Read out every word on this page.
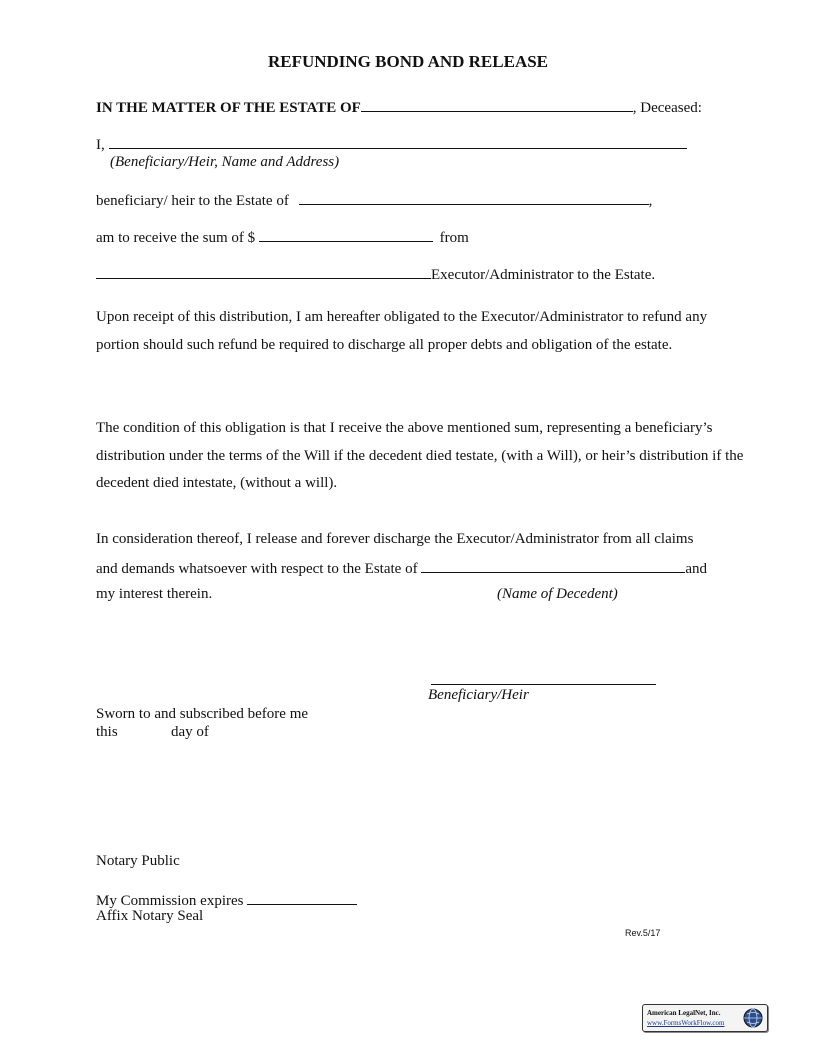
REFUNDING BOND AND RELEASE
IN THE MATTER OF THE ESTATE OF	, Deceased:
I,
(Beneficiary/Heir, Name and Address)
beneficiary/ heir to the Estate of	,
am to receive the sum of $	from
Executor/Administrator to the Estate.
Upon receipt of this distribution, I am hereafter obligated to the Executor/Administrator to refund any portion should such refund be required to discharge all proper debts and obligation of the estate.
The condition of this obligation is that I receive the above mentioned sum, representing a beneficiary’s distribution under the terms of the Will if the decedent died testate, (with a Will), or heir’s distribution if the decedent died intestate, (without a will).
In consideration thereof, I release and forever discharge the Executor/Administrator from all claims
and demands whatsoever with respect to the Estate of	and
my interest therein.	(Name of Decedent)
Beneficiary/Heir
Sworn to and subscribed before me
this	day of
Notary Public
My Commission expires
Affix Notary Seal
Rev.5/17
American LegalNet, Inc.
www.FormsWorkFlow.com
